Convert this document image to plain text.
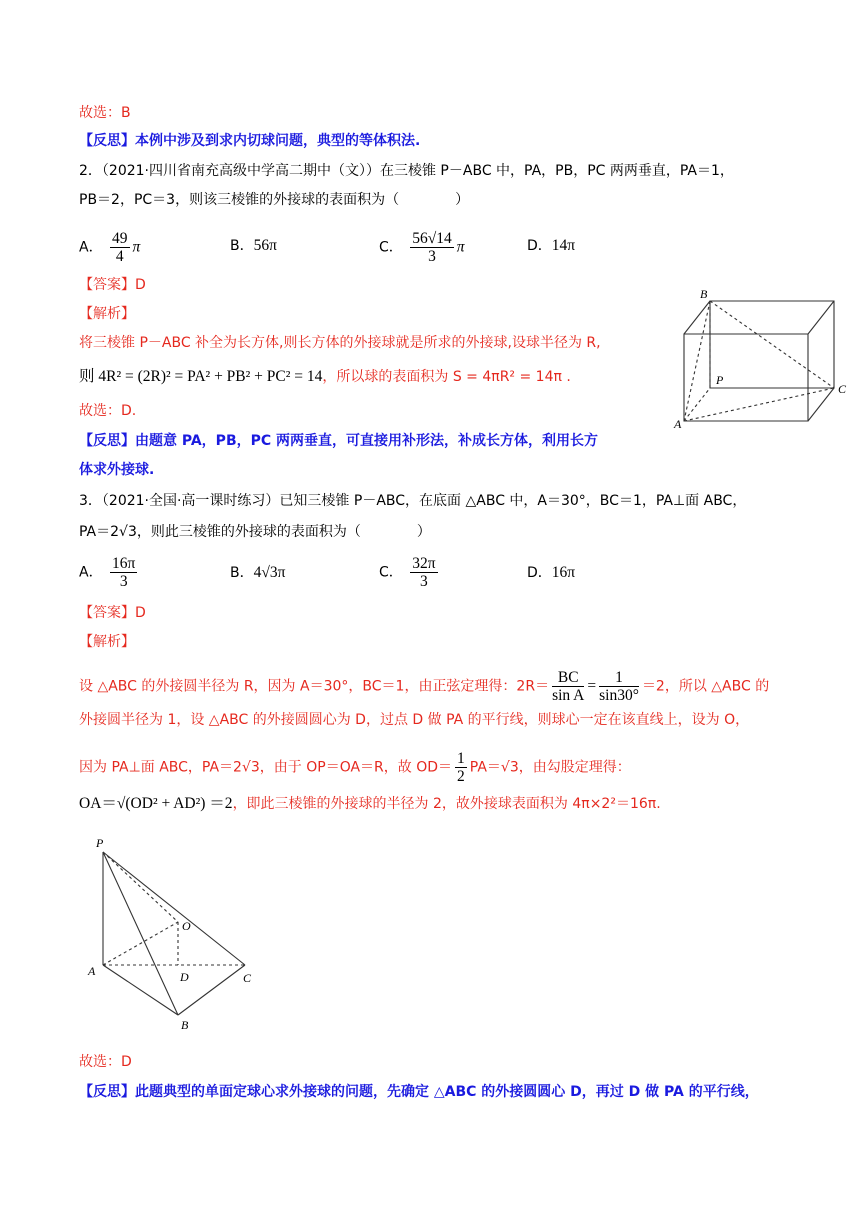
故选：B
【反思】本例中涉及到求内切球问题，典型的等体积法.
2．（2021·四川省南充高级中学高二期中（文））在三棱锥 P－ABC 中，PA，PB，PC 两两垂直，PA＝1，
PB＝2，PC＝3，则该三棱锥的外接球的表面积为（　　　　）
A． $\frac{49}{4}$ π	B．56π	C． $\frac{56√14}{3}$ π	D．14π
【答案】D
【解析】
将三棱锥 P－ABC 补全为长方体,则长方体的外接球就是所求的外接球,设球半径为 R,
则 4R² = (2R)² = PA² + PB² + PC² = 14，所以球的表面积为 S = 4πR² = 14π .
故选：D.
【反思】由题意 PA，PB，PC 两两垂直，可直接用补形法，补成长方体，利用长方
体求外接球.
B
P
C
A
3．（2021·全国·高一课时练习）已知三棱锥 P－ABC，在底面 △ABC 中，A＝30°，BC＝1，PA⊥面 ABC，
PA＝2√3，则此三棱锥的外接球的表面积为（　　　　）
A． $\frac{16\pi}{3}$	B．4√3π	C． $\frac{32\pi}{3}$	D．16π
【答案】D
【解析】
设 △ABC 的外接圆半径为 R，因为 A＝30°，BC＝1，由正弦定理得：$2R= \frac{BC}{\text{sin A}} = \frac{1}{\sin 30^\circ} =2$，所以 △ABC 的
外接圆半径为 1，设 △ABC 的外接圆圆心为 D，过点 D 做 PA 的平行线，则球心一定在该直线上，设为 O，
因为 PA⊥面 ABC，PA＝2√3，由于 OP＝OA＝R，故 $OD= \frac{1}{2} PA=√3$，由勾股定理得：
OA＝√(OD² + AD²) ＝2，即此三棱锥的外接球的半径为 2，故外接球表面积为 4π×2²＝16π.
P
O
A	D	C
B
故选：D
【反思】此题典型的单面定球心求外接球的问题，先确定 △ABC 的外接圆圆心 D，再过 D 做 PA 的平行线，
